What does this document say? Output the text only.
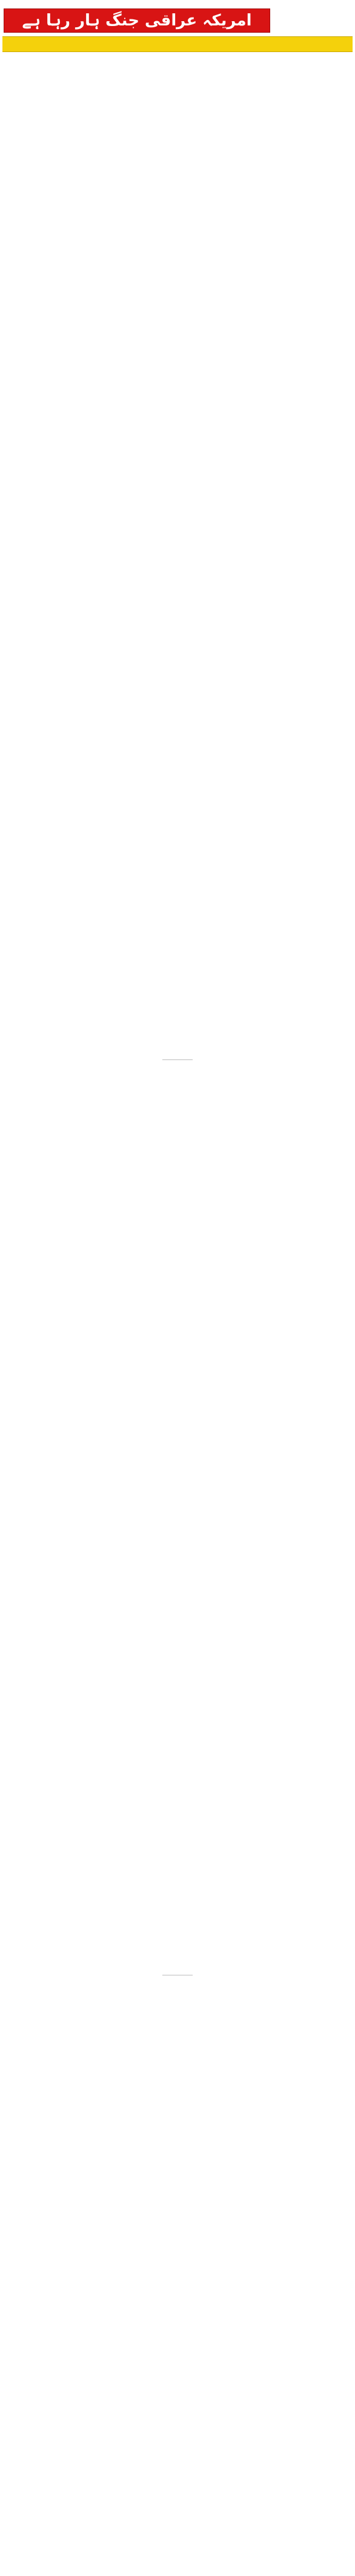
امریکہ عراقی جنگ ہار رہا ہے
